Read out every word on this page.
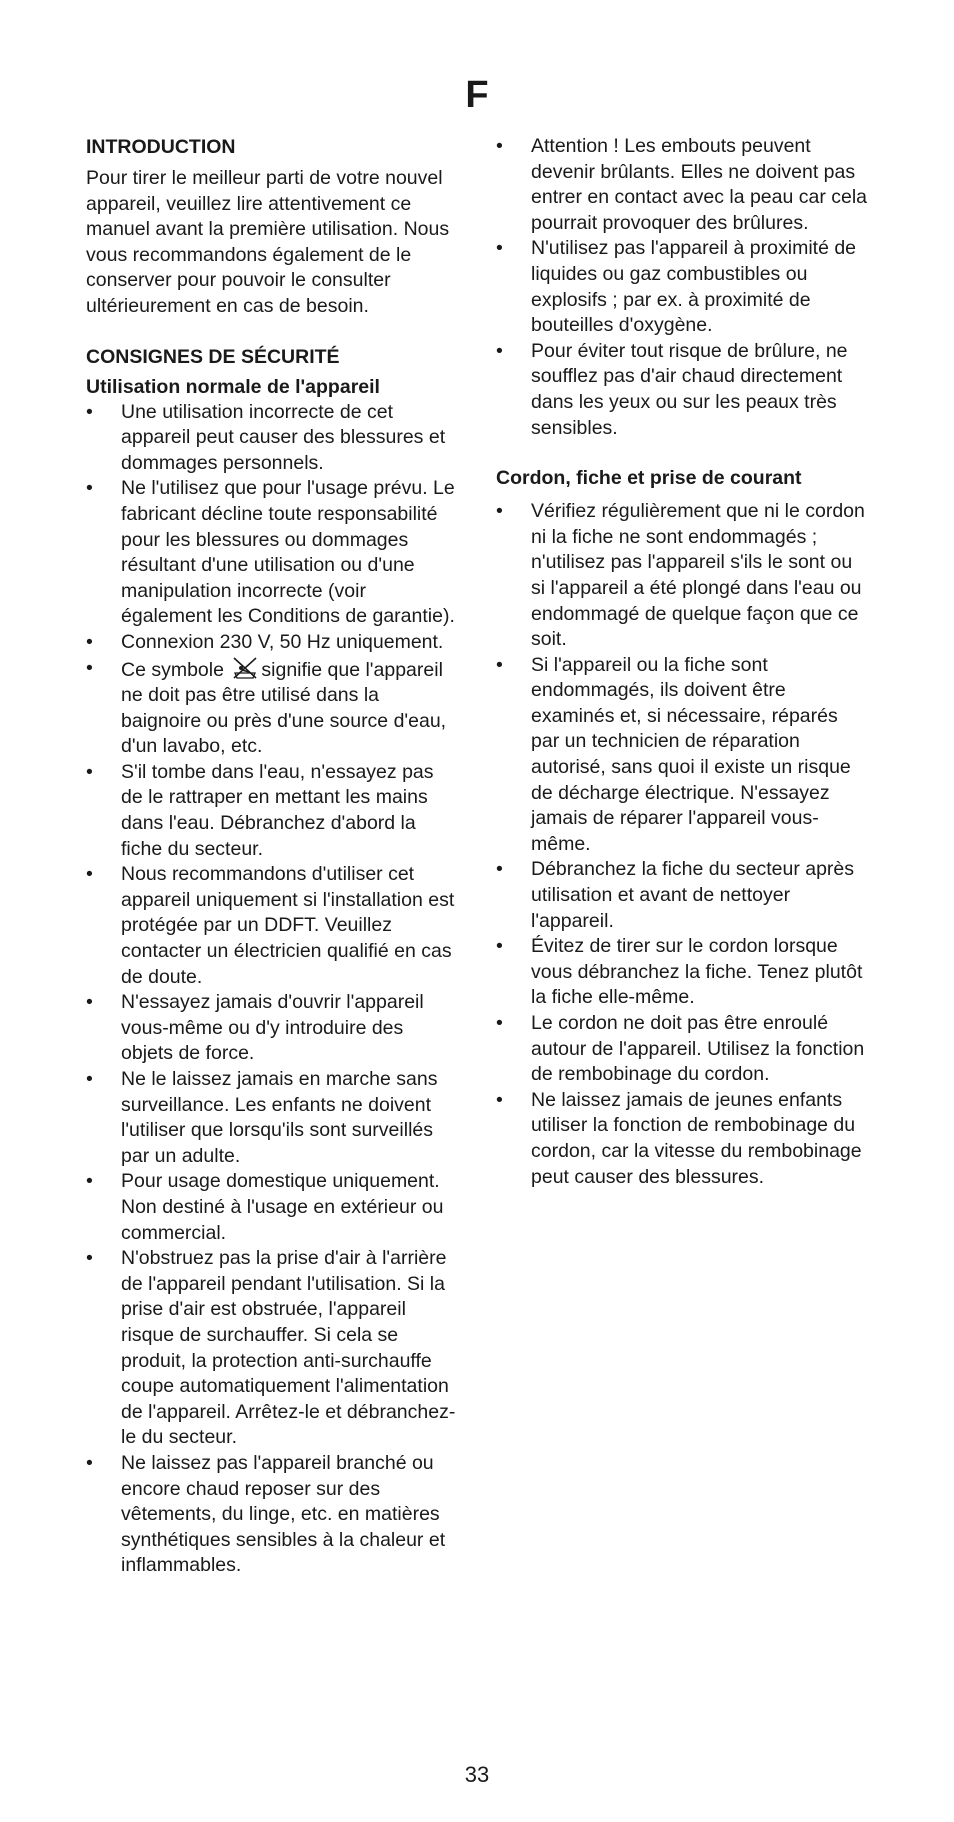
F
INTRODUCTION

Pour tirer le meilleur parti de votre nouvel appareil, veuillez lire attentivement ce manuel avant la première utilisation. Nous vous recommandons également de le conserver pour pouvoir le consulter ultérieurement en cas de besoin.

CONSIGNES DE SÉCURITÉ
Utilisation normale de l'appareil
•	Une utilisation incorrecte de cet appareil peut causer des blessures et dommages personnels.
•	Ne l'utilisez que pour l'usage prévu. Le fabricant décline toute responsabilité pour les blessures ou dommages résultant d'une utilisation ou d'une manipulation incorrecte (voir également les Conditions de garantie).
•	Connexion 230 V, 50 Hz uniquement.
•	Ce symbole signifie que l'appareil ne doit pas être utilisé dans la baignoire ou près d'une source d'eau, d'un lavabo, etc.
•	S'il tombe dans l'eau, n'essayez pas de le rattraper en mettant les mains dans l'eau. Débranchez d'abord la fiche du secteur.
•	Nous recommandons d'utiliser cet appareil uniquement si l'installation est protégée par un DDFT. Veuillez contacter un électricien qualifié en cas de doute.
•	N'essayez jamais d'ouvrir l'appareil vous-même ou d'y introduire des objets de force.
•	Ne le laissez jamais en marche sans surveillance. Les enfants ne doivent l'utiliser que lorsqu'ils sont surveillés par un adulte.
•	Pour usage domestique uniquement. Non destiné à l'usage en extérieur ou commercial.
•	N'obstruez pas la prise d'air à l'arrière de l'appareil pendant l'utilisation. Si la prise d'air est obstruée, l'appareil risque de surchauffer. Si cela se produit, la protection anti-surchauffe coupe automatiquement l'alimentation de l'appareil. Arrêtez-le et débranchez-le du secteur.
•	Ne laissez pas l'appareil branché ou encore chaud reposer sur des vêtements, du linge, etc. en matières synthétiques sensibles à la chaleur et inflammables.
•	Attention ! Les embouts peuvent devenir brûlants. Elles ne doivent pas entrer en contact avec la peau car cela pourrait provoquer des brûlures.
•	N'utilisez pas l'appareil à proximité de liquides ou gaz combustibles ou explosifs ; par ex. à proximité de bouteilles d'oxygène.
•	Pour éviter tout risque de brûlure, ne soufflez pas d'air chaud directement dans les yeux ou sur les peaux très sensibles.
Cordon, fiche et prise de courant
•	Vérifiez régulièrement que ni le cordon ni la fiche ne sont endommagés ; n'utilisez pas l'appareil s'ils le sont ou si l'appareil a été plongé dans l'eau ou endommagé de quelque façon que ce soit.
•	Si l'appareil ou la fiche sont endommagés, ils doivent être examinés et, si nécessaire, réparés par un technicien de réparation autorisé, sans quoi il existe un risque de décharge électrique. N'essayez jamais de réparer l'appareil vous-même.
•	Débranchez la fiche du secteur après utilisation et avant de nettoyer l'appareil.
•	Évitez de tirer sur le cordon lorsque vous débranchez la fiche. Tenez plutôt la fiche elle-même.
•	Le cordon ne doit pas être enroulé autour de l'appareil. Utilisez la fonction de rembobinage du cordon.
•	Ne laissez jamais de jeunes enfants utiliser la fonction de rembobinage du cordon, car la vitesse du rembobinage peut causer des blessures.
33
